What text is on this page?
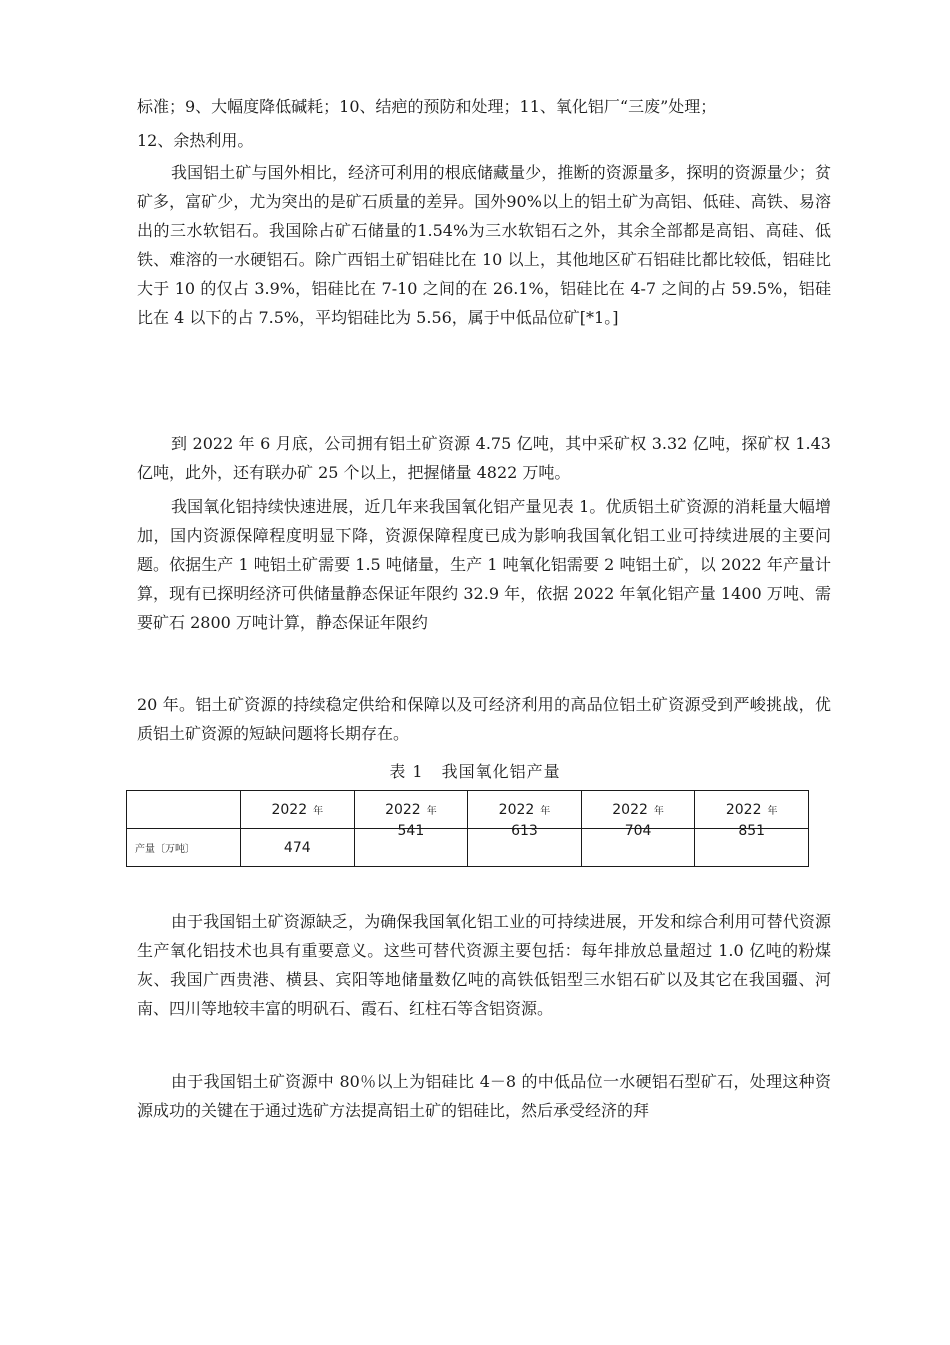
标准；9、大幅度降低碱耗；10、结疤的预防和处理；11、氧化铝厂“三废”处理；
12、余热利用。

我国铝土矿与国外相比，经济可利用的根底储藏量少，推断的资源量多，探明的资源量少；贫矿多，富矿少，尤为突出的是矿石质量的差异。国外90%以上的铝土矿为高铝、低硅、高铁、易溶出的三水软铝石。我国除占矿石储量的1.54%为三水软铝石之外，其余全部都是高铝、高硅、低铁、难溶的一水硬铝石。除广西铝土矿铝硅比在 10 以上，其他地区矿石铝硅比都比较低，铝硅比大于 10 的仅占 3.9%，铝硅比在 7-10 之间的在 26.1%，铝硅比在 4-7 之间的占 59.5%，铝硅比在 4 以下的占 7.5%，平均铝硅比为 5.56，属于中低品位矿[*1。]

到 2022 年 6 月底，公司拥有铝土矿资源 4.75 亿吨，其中采矿权 3.32 亿吨，探矿权 1.43 亿吨，此外，还有联办矿 25 个以上，把握储量 4822 万吨。

我国氧化铝持续快速进展，近几年来我国氧化铝产量见表 1。优质铝土矿资源的消耗量大幅增加，国内资源保障程度明显下降，资源保障程度已成为影响我国氧化铝工业可持续进展的主要问题。依据生产 1 吨铝土矿需要 1.5 吨储量，生产 1 吨氧化铝需要 2 吨铝土矿，以 2022 年产量计算，现有已探明经济可供储量静态保证年限约 32.9 年，依据 2022 年氧化铝产量 1400 万吨、需要矿石 2800 万吨计算，静态保证年限约

20 年。铝土矿资源的持续稳定供给和保障以及可经济利用的高品位铝土矿资源受到严峻挑战，优质铝土矿资源的短缺问题将长期存在。

表 1 我国氧化铝产量
	2022 年	2022 年	2022 年	2022 年	2022 年
产量〔万吨〕	474	541	613	704	851

由于我国铝土矿资源缺乏，为确保我国氧化铝工业的可持续进展，开发和综合利用可替代资源生产氧化铝技术也具有重要意义。这些可替代资源主要包括：每年排放总量超过 1.0 亿吨的粉煤灰、我国广西贵港、横县、宾阳等地储量数亿吨的高铁低铝型三水铝石矿以及其它在我国疆、河南、四川等地较丰富的明矾石、霞石、红柱石等含铝资源。

由于我国铝土矿资源中 80％以上为铝硅比 4－8 的中低品位一水硬铝石型矿石，处理这种资源成功的关键在于通过选矿方法提高铝土矿的铝硅比，然后承受经济的拜
